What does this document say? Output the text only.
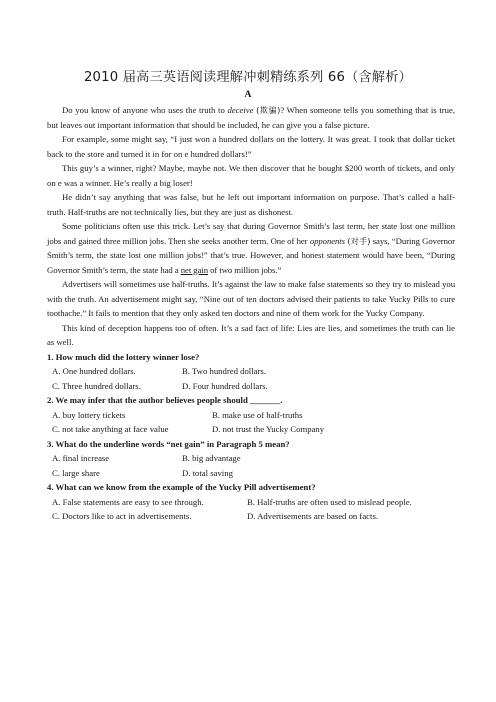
2010 届高三英语阅读理解冲刺精练系列 66（含解析）
A

Do you know of anyone who uses the truth to deceive (欺骗)? When someone tells you something that is true, but leaves out important information that should be included, he can give you a false picture.

For example, some might say, “I just won a hundred dollars on the lottery. It was great. I took that dollar ticket back to the store and turned it in for on e hundred dollars!”

This guy’s a winner, right? Maybe, maybe not. We then discover that he bought $200 worth of tickets, and only on e was a winner. He’s really a big loser!

He didn’t say anything that was false, but he left out important information on purpose. That’s called a half-truth. Half-truths are not technically lies, but they are just as dishonest.

Some politicians often use this trick. Let’s say that during Governor Smith’s last term, her state lost one million jobs and gained three million jobs. Then she seeks another term. One of her opponents (对手) says, “During Governor Smith’s term, the state lost one million jobs!” that’s true. However, and honest statement would have been, “During Governor Smith’s term, the state had a net gain of two million jobs.”

Advertisers will sometimes use half-truths. It’s against the law to make false statements so they try to mislead you with the truth. An advertisement might say, “Nine out of ten doctors advised their patients to take Yucky Pills to cure toothache.” It fails to mention that they only asked ten doctors and nine of them work for the Yucky Company.

This kind of deception happens too of often. It’s a sad fact of life: Lies are lies, and sometimes the truth can lie as well.

1. How much did the lottery winner lose?

A. One hundred dollars.	B. Two hundred dollars.

C. Three hundred dollars.	D. Four hundred dollars.

2. We may infer that the author believes people should _______.

A. buy lottery tickets	B. make use of half-truths

C. not take anything at face value	D. not trust the Yucky Company

3. What do the underline words “net gain” in Paragraph 5 mean?

A. final increase	B. big advantage

C. large share	D. total saving

4. What can we know from the example of the Yucky Pill advertisement?

A. False statements are easy to see through.	B. Half-truths are often used to mislead people.

C. Doctors like to act in advertisements.	D. Advertisements are based on facts.
